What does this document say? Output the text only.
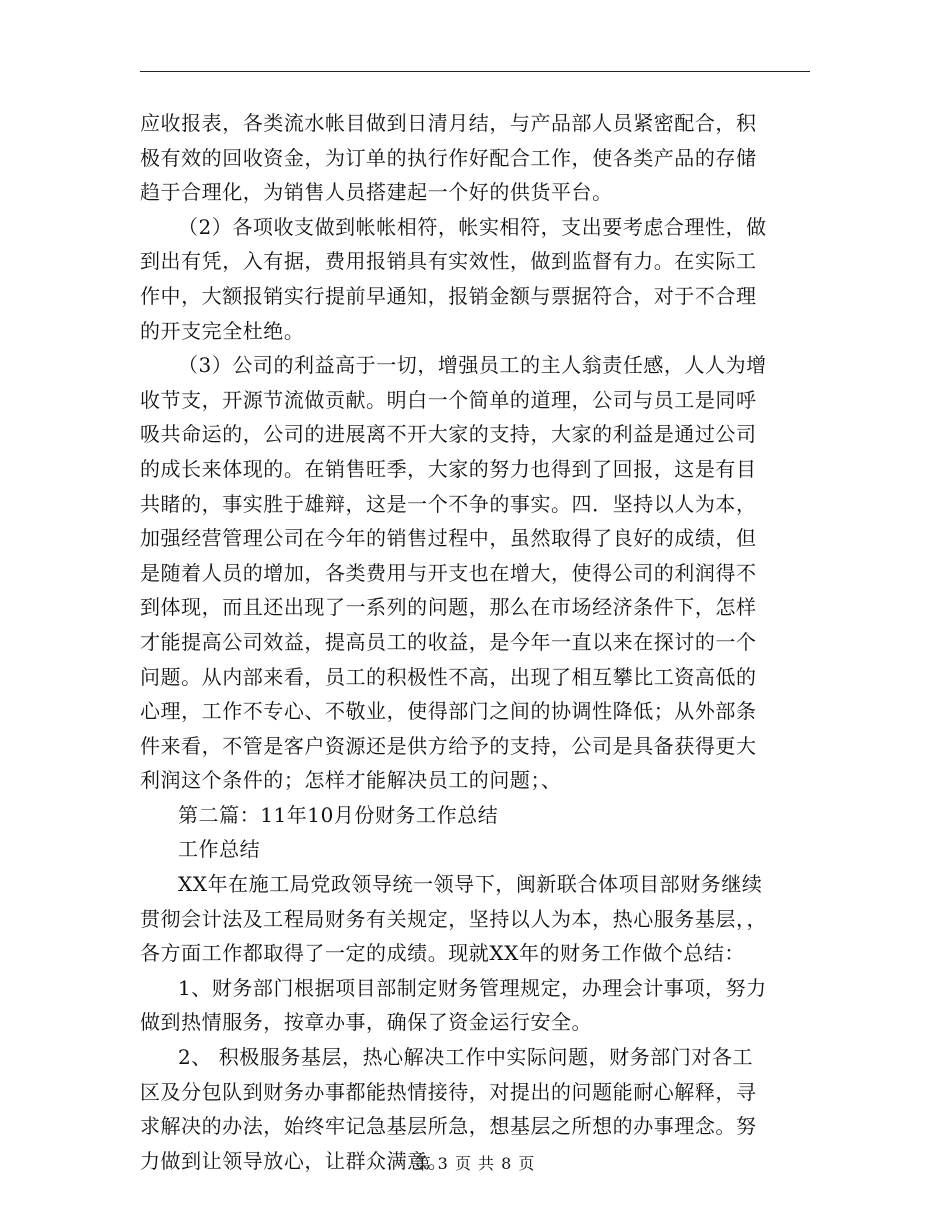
应收报表，各类流水帐目做到日清月结，与产品部人员紧密配合，积
极有效的回收资金，为订单的执行作好配合工作，使各类产品的存储
趋于合理化，为销售人员搭建起一个好的供货平台。
（2）各项收支做到帐帐相符，帐实相符，支出要考虑合理性，做
到出有凭，入有据，费用报销具有实效性，做到监督有力。在实际工
作中，大额报销实行提前早通知，报销金额与票据符合，对于不合理
的开支完全杜绝。
（3）公司的利益高于一切，增强员工的主人翁责任感，人人为增
收节支，开源节流做贡献。明白一个简单的道理，公司与员工是同呼
吸共命运的，公司的进展离不开大家的支持，大家的利益是通过公司
的成长来体现的。在销售旺季，大家的努力也得到了回报，这是有目
共睹的，事实胜于雄辩，这是一个不争的事实。四．坚持以人为本，
加强经营管理公司在今年的销售过程中，虽然取得了良好的成绩，但
是随着人员的增加，各类费用与开支也在增大，使得公司的利润得不
到体现，而且还出现了一系列的问题，那么在市场经济条件下，怎样
才能提高公司效益，提高员工的收益，是今年一直以来在探讨的一个
问题。从内部来看，员工的积极性不高，出现了相互攀比工资高低的
心理，工作不专心、不敬业，使得部门之间的协调性降低；从外部条
件来看，不管是客户资源还是供方给予的支持，公司是具备获得更大
利润这个条件的；怎样才能解决员工的问题；、
第二篇：11年10月份财务工作总结
工作总结
XX年在施工局党政领导统一领导下，闽新联合体项目部财务继续
贯彻会计法及工程局财务有关规定，坚持以人为本，热心服务基层，，
各方面工作都取得了一定的成绩。现就XX年的财务工作做个总结：
1、财务部门根据项目部制定财务管理规定，办理会计事项，努力
做到热情服务，按章办事，确保了资金运行安全。
2、 积极服务基层，热心解决工作中实际问题，财务部门对各工
区及分包队到财务办事都能热情接待，对提出的问题能耐心解释，寻
求解决的办法，始终牢记急基层所急，想基层之所想的办事理念。努
力做到让领导放心，让群众满意。
第 3 页 共 8 页
